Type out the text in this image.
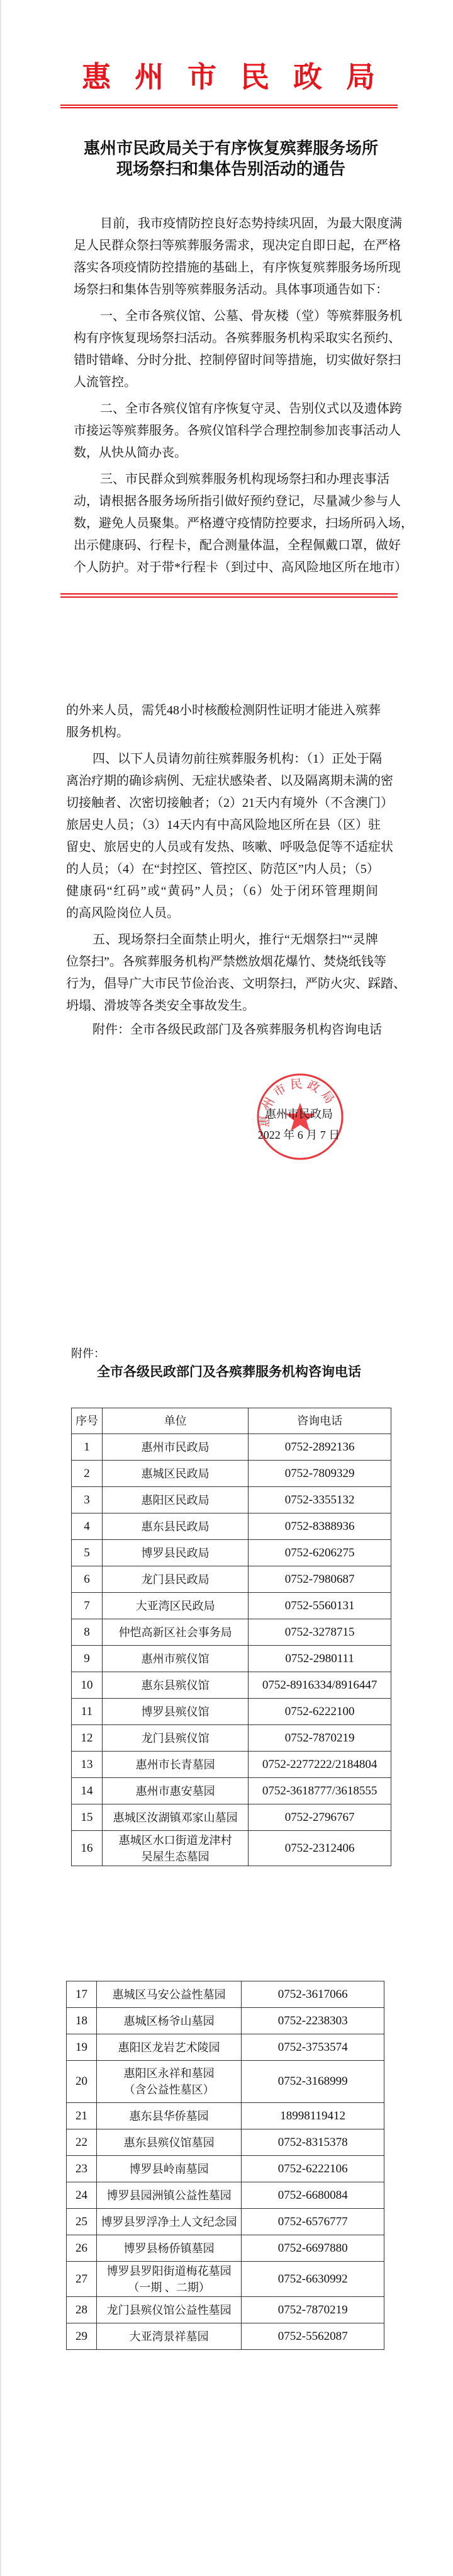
惠 州 市 民 政 局
惠州市民政局关于有序恢复殡葬服务场所
现场祭扫和集体告别活动的通告
目前，我市疫情防控良好态势持续巩固，为最大限度满
足人民群众祭扫等殡葬服务需求，现决定自即日起，在严格
落实各项疫情防控措施的基础上，有序恢复殡葬服务场所现
场祭扫和集体告别等殡葬服务活动。具体事项通告如下：
一、全市各殡仪馆、公墓、骨灰楼（堂）等殡葬服务机
构有序恢复现场祭扫活动。各殡葬服务机构采取实名预约、
错时错峰、分时分批、控制停留时间等措施，切实做好祭扫
人流管控。
二、全市各殡仪馆有序恢复守灵、告别仪式以及遗体跨
市接运等殡葬服务。各殡仪馆科学合理控制参加丧事活动人
数，从快从简办丧。
三、市民群众到殡葬服务机构现场祭扫和办理丧事活
动，请根据各服务场所指引做好预约登记，尽量减少参与人
数，避免人员聚集。严格遵守疫情防控要求，扫场所码入场，
出示健康码、行程卡，配合测量体温，全程佩戴口罩，做好
个人防护。对于带*行程卡（到过中、高风险地区所在地市）
的外来人员，需凭48小时核酸检测阴性证明才能进入殡葬
服务机构。
四、以下人员请勿前往殡葬服务机构：（1）正处于隔
离治疗期的确诊病例、无症状感染者、以及隔离期未满的密
切接触者、次密切接触者；（2）21天内有境外（不含澳门）
旅居史人员；（3）14天内有中高风险地区所在县（区）驻
留史、旅居史的人员或有发热、咳嗽、呼吸急促等不适症状
的人员；（4）在“封控区、管控区、防范区”内人员；（5）
健康码“红码”或“黄码”人员；（6）处于闭环管理期间
的高风险岗位人员。
五、现场祭扫全面禁止明火，推行“无烟祭扫”“灵牌
位祭扫”。各殡葬服务机构严禁燃放烟花爆竹、焚烧纸钱等
行为，倡导广大市民节俭治丧、文明祭扫，严防火灾、踩踏、
坍塌、滑坡等各类安全事故发生。
附件：全市各级民政部门及各殡葬服务机构咨询电话
惠州市民政局
惠州市民政局
2022 年 6 月 7 日
附件：
全市各级民政部门及各殡葬服务机构咨询电话
序号	单位	咨询电话
1	惠州市民政局	0752-2892136
2	惠城区民政局	0752-7809329
3	惠阳区民政局	0752-3355132
4	惠东县民政局	0752-8388936
5	博罗县民政局	0752-6206275
6	龙门县民政局	0752-7980687
7	大亚湾区民政局	0752-5560131
8	仲恺高新区社会事务局	0752-3278715
9	惠州市殡仪馆	0752-2980111
10	惠东县殡仪馆	0752-8916334/8916447
11	博罗县殡仪馆	0752-6222100
12	龙门县殡仪馆	0752-7870219
13	惠州市长青墓园	0752-2277222/2184804
14	惠州市惠安墓园	0752-3618777/3618555
15	惠城区汝湖镇邓家山墓园	0752-2796767
16	惠城区水口街道龙津村
吴屋生态墓园	0752-2312406
17	惠城区马安公益性墓园	0752-3617066
18	惠城区杨爷山墓园	0752-2238303
19	惠阳区龙岩艺术陵园	0752-3753574
20	惠阳区永祥和墓园
（含公益性墓区）	0752-3168999
21	惠东县华侨墓园	18998119412
22	惠东县殡仪馆墓园	0752-8315378
23	博罗县岭南墓园	0752-6222106
24	博罗县园洲镇公益性墓园	0752-6680084
25	博罗县罗浮净土人文纪念园	0752-6576777
26	博罗县杨侨镇墓园	0752-6697880
27	博罗县罗阳街道梅花墓园
（一期 、二期）	0752-6630992
28	龙门县殡仪馆公益性墓园	0752-7870219
29	大亚湾景祥墓园	0752-5562087
